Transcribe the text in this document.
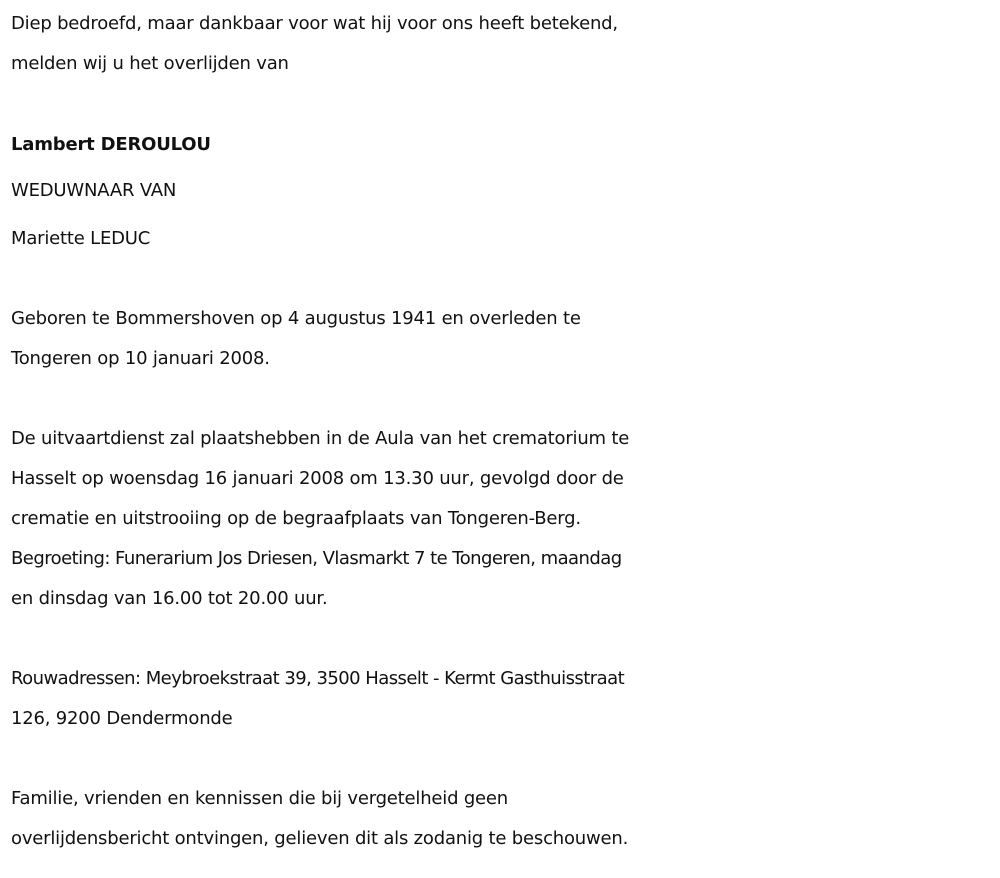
Diep bedroefd, maar dankbaar voor wat hij voor ons heeft betekend,
melden wij u het overlijden van
Lambert DEROULOU
WEDUWNAAR VAN
Mariette LEDUC
Geboren te Bommershoven op 4 augustus 1941 en overleden te
Tongeren op 10 januari 2008.
De uitvaartdienst zal plaatshebben in de Aula van het crematorium te
Hasselt op woensdag 16 januari 2008 om 13.30 uur, gevolgd door de
crematie en uitstrooiing op de begraafplaats van Tongeren-Berg.
Begroeting: Funerarium Jos Driesen, Vlasmarkt 7 te Tongeren, maandag
en dinsdag van 16.00 tot 20.00 uur.
Rouwadressen: Meybroekstraat 39, 3500 Hasselt - Kermt Gasthuisstraat
126, 9200 Dendermonde
Familie, vrienden en kennissen die bij vergetelheid geen
overlijdensbericht ontvingen, gelieven dit als zodanig te beschouwen.
